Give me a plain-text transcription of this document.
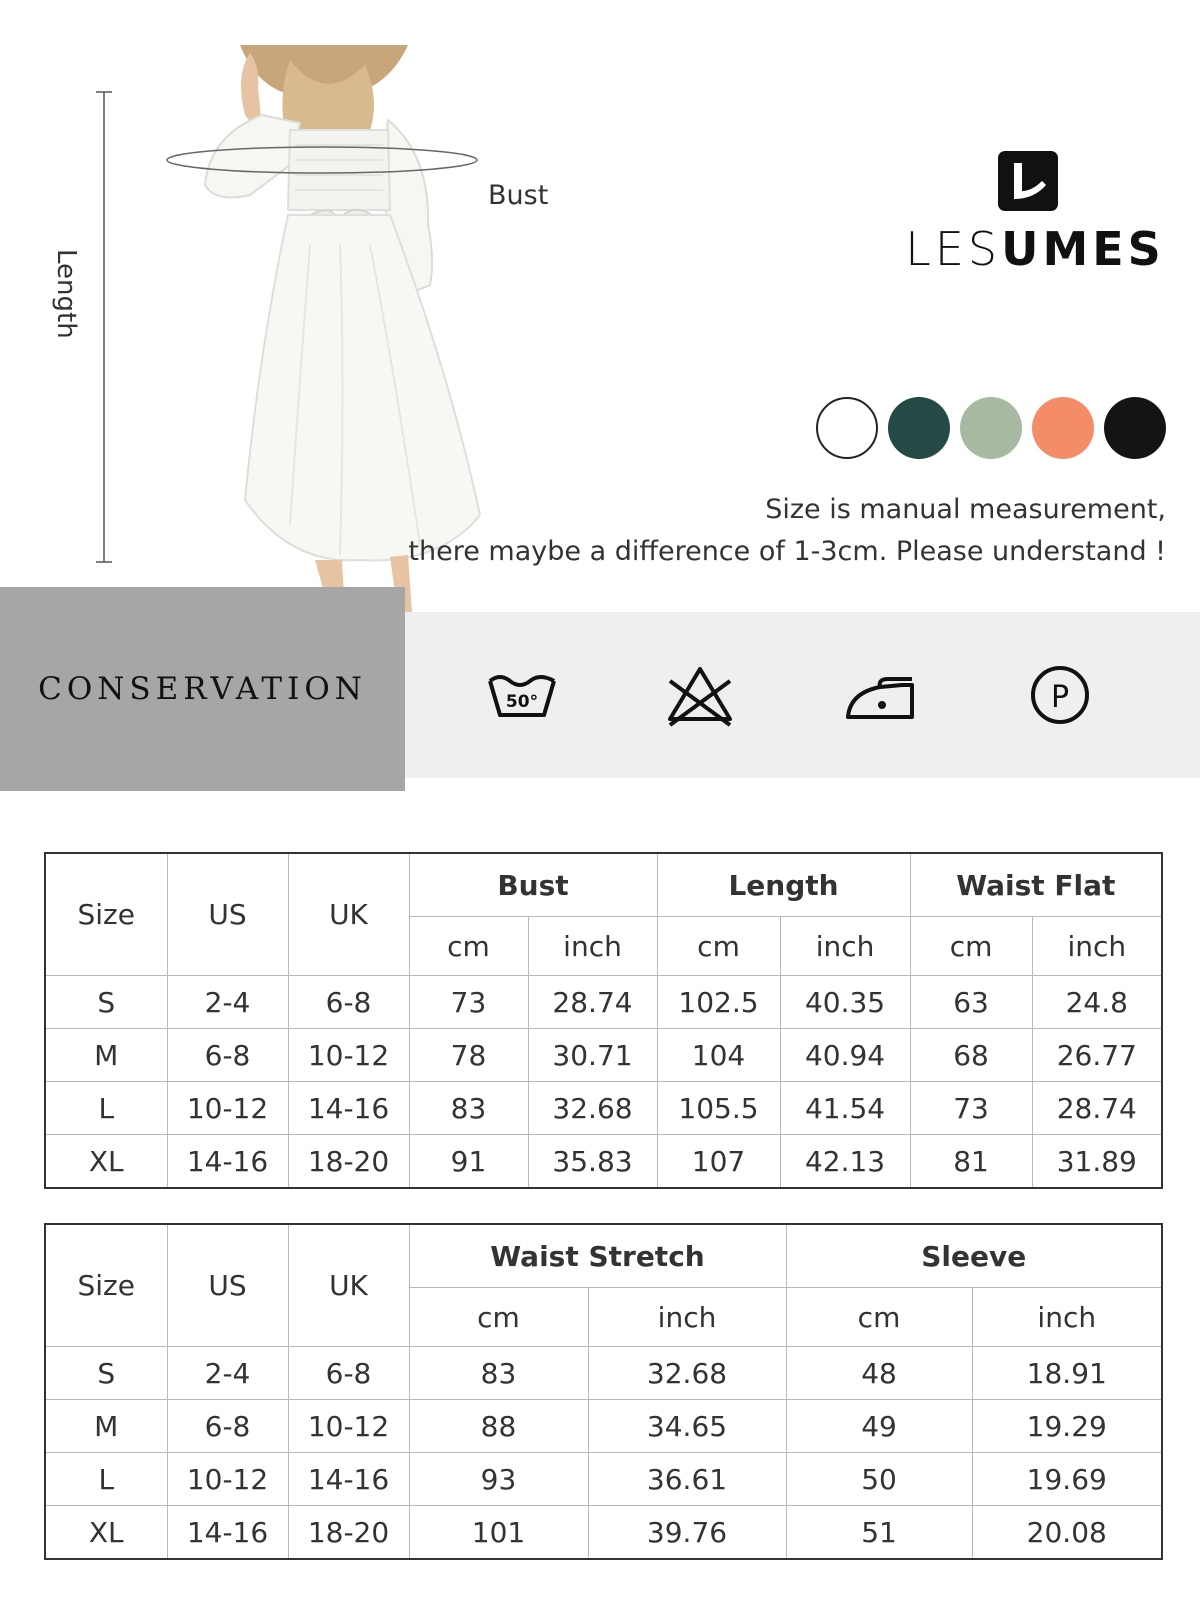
Length
Bust
LESUMES
Size is manual measurement,
there maybe a difference of 1-3cm. Please understand !
CONSERVATION	50°	P
Size	US	UK	Bust		Length		Waist Flat	
			cm	inch	cm	inch	cm	inch
S	2-4	6-8	73	28.74	102.5	40.35	63	24.8
M	6-8	10-12	78	30.71	104	40.94	68	26.77
L	10-12	14-16	83	32.68	105.5	41.54	73	28.74
XL	14-16	18-20	91	35.83	107	42.13	81	31.89
Size	US	UK	Waist Stretch		Sleeve	
			cm	inch	cm	inch
S	2-4	6-8	83	32.68	48	18.91
M	6-8	10-12	88	34.65	49	19.29
L	10-12	14-16	93	36.61	50	19.69
XL	14-16	18-20	101	39.76	51	20.08
